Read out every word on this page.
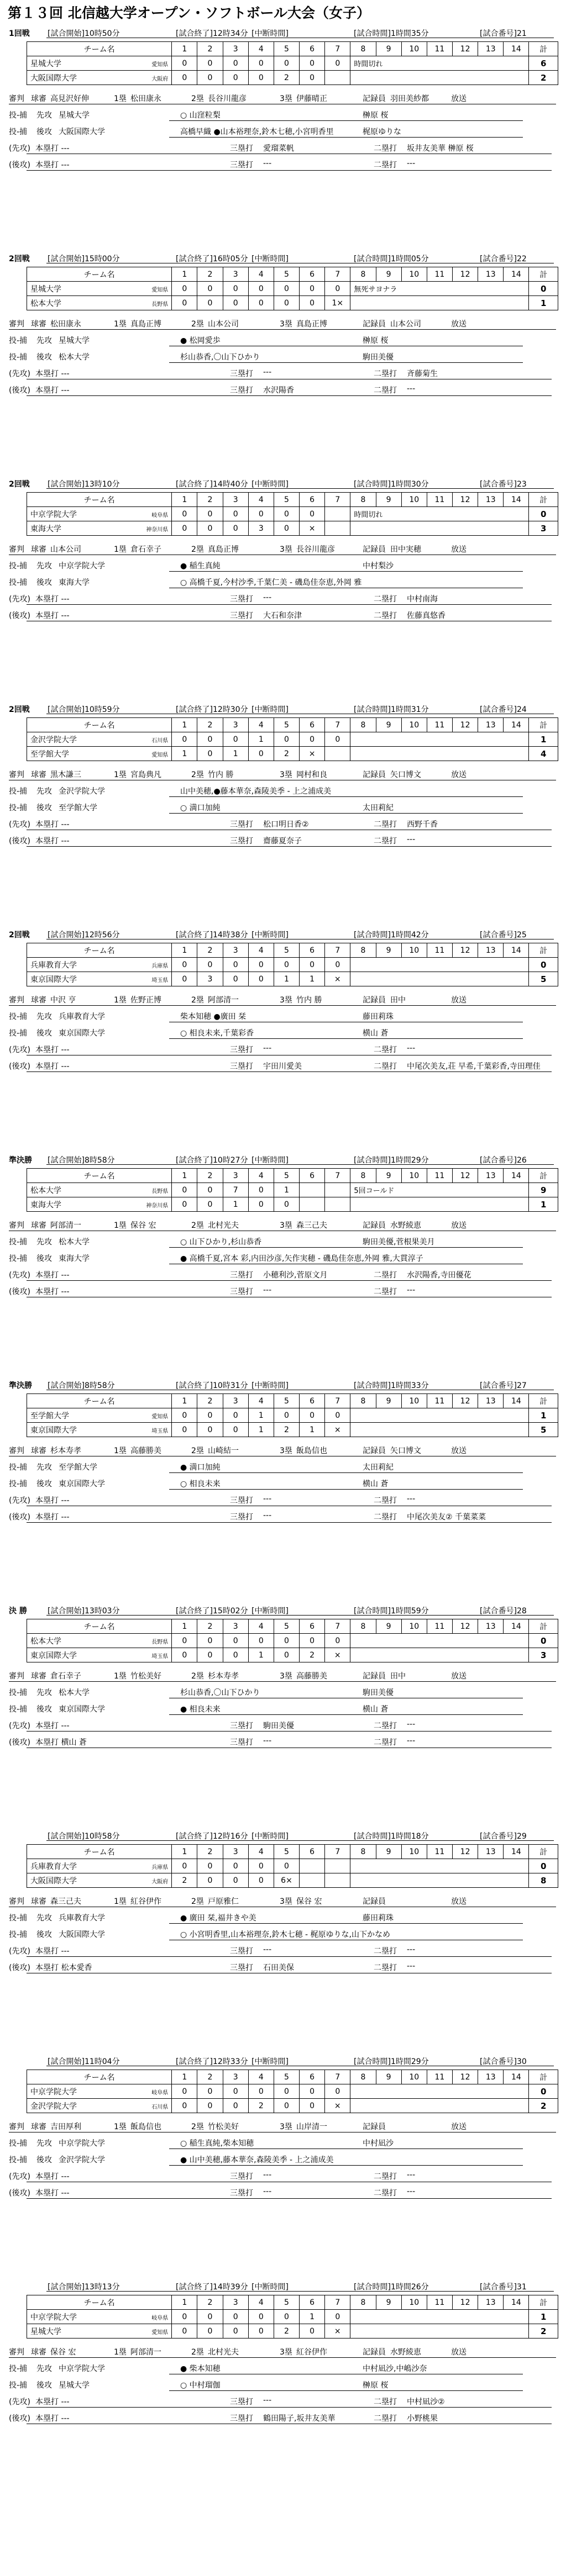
第１３回 北信越大学オープン・ソフトボール大会（女子）
1回戦 [試合開始]10時50分	[試合終了]12時34分 [中断時間]	[試合時間]1時間35分	[試合番号]21
チーム名	1	2	3	4	5	6	7	8	9	10	11	12	13	14	計
星城大学 愛知県	0	0	0	0	0	0	0	時間切れ							6
大阪国際大学 大阪府	0	0	0	0	2	0									2
審判 球審 高見沢好伸	1塁 松田康永	2塁 長谷川龍彦	3塁 伊藤晴正	記録員 羽田美紗都	放送
投-捕 先攻 星城大学	○ 山窪粒梨	榊原 桜
投-捕 後攻 大阪国際大学	高橋早織 ●山本裕理奈,鈴木七穂,小宮明香里	梶原ゆりな
(先攻) 本塁打 ---	三塁打 愛瑠菜帆	二塁打 坂井友美華 榊原 桜
(後攻) 本塁打 ---	三塁打 ---	二塁打 ---
2回戦 [試合開始]15時00分	[試合終了]16時05分 [中断時間]	[試合時間]1時間05分	[試合番号]22
チーム名	1	2	3	4	5	6	7	8	9	10	11	12	13	14	計
星城大学 愛知県	0	0	0	0	0	0	0	無死サヨナラ							0
松本大学 長野県	0	0	0	0	0	0	1×								1
審判 球審 松田康永	1塁 真島正博	2塁 山本公司	3塁 真島正博	記録員 山本公司	放送
投-捕 先攻 星城大学	● 松岡愛歩	榊原 桜
投-捕 後攻 松本大学	杉山恭香,〇山下ひかり	駒田美優
(先攻) 本塁打 ---	三塁打 ---	二塁打 斉藤菊生
(後攻) 本塁打 ---	三塁打 水沢陽香	二塁打 ---
2回戦 [試合開始]13時10分	[試合終了]14時40分 [中断時間]	[試合時間]1時間30分	[試合番号]23
チーム名	1	2	3	4	5	6	7	8	9	10	11	12	13	14	計
中京学院大学 岐阜県	0	0	0	0	0	0		時間切れ							0
東海大学 神奈川県	0	0	0	3	0	×									3
審判 球審 山本公司	1塁 倉石幸子	2塁 真島正博	3塁 長谷川龍彦	記録員 田中実穂	放送
投-捕 先攻 中京学院大学	● 稲生真純	中村梨沙
投-捕 後攻 東海大学	○ 高橋千夏,今村沙季,千葉仁美 - 磯島佳奈恵,外岡 雅
(先攻) 本塁打 ---	三塁打 ---	二塁打 中村南海
(後攻) 本塁打 ---	三塁打 大石和奈津	二塁打 佐藤真悠香
2回戦 [試合開始]10時59分	[試合終了]12時30分 [中断時間]	[試合時間]1時間31分	[試合番号]24
チーム名	1	2	3	4	5	6	7	8	9	10	11	12	13	14	計
金沢学院大学 石川県	0	0	0	1	0	0	0								1
至学館大学 愛知県	1	0	1	0	2	×									4
審判 球審 黒木謙三	1塁 宮島典凡	2塁 竹内 勝	3塁 岡村和良	記録員 矢口博文	放送
投-捕 先攻 金沢学院大学	山中美穂,●藤本華奈,森陵美季 - 上之浦成美
投-捕 後攻 至学館大学	○ 満口加純	太田莉紀
(先攻) 本塁打 ---	三塁打 松口明日香②	二塁打 西野千香
(後攻) 本塁打 ---	三塁打 齋藤夏奈子	二塁打 ---
2回戦 [試合開始]12時56分	[試合終了]14時38分 [中断時間]	[試合時間]1時間42分	[試合番号]25
チーム名	1	2	3	4	5	6	7	8	9	10	11	12	13	14	計
兵庫教育大学 兵庫県	0	0	0	0	0	0	0								0
東京国際大学 埼玉県	0	3	0	0	1	1	×								5
審判 球審 中沢 亨	1塁 佐野正博	2塁 阿部清一	3塁 竹内 勝	記録員 田中	放送
投-捕 先攻 兵庫教育大学	柴本知穂 ●廣田 栞	藤田莉珠
投-捕 後攻 東京国際大学	○ 相良未来,千葉彩香	横山 蒼
(先攻) 本塁打 ---	三塁打 ---	二塁打 ---
(後攻) 本塁打 ---	三塁打 宇田川愛美	二塁打 中尾次美友,荘 早希,千葉彩香,寺田理佳
準決勝 [試合開始]8時58分	[試合終了]10時27分 [中断時間]	[試合時間]1時間29分	[試合番号]26
チーム名	1	2	3	4	5	6	7	8	9	10	11	12	13	14	計
松本大学 長野県	0	0	7	0	1			5回コールド							9
東海大学 神奈川県	0	0	1	0	0										1
審判 球審 阿部清一	1塁 保谷 宏	2塁 北村光夫	3塁 森三己夫	記録員 水野綾恵	放送
投-捕 先攻 松本大学	○ 山下ひかり,杉山恭香	駒田美優,菅根果美月
投-捕 後攻 東海大学	● 高橋千夏,宮本 彩,内田沙彦,矢作実穂 - 磯島佳奈恵,外岡 雅,大貫淳子
(先攻) 本塁打 ---	三塁打 小穂利沙,菅原文月	二塁打 水沢陽香,寺田優花
(後攻) 本塁打 ---	三塁打 ---	二塁打 ---
準決勝 [試合開始]8時58分	[試合終了]10時31分 [中断時間]	[試合時間]1時間33分	[試合番号]27
チーム名	1	2	3	4	5	6	7	8	9	10	11	12	13	14	計
至学館大学 愛知県	0	0	0	1	0	0	0								1
東京国際大学 埼玉県	0	0	0	1	2	1	×								5
審判 球審 杉本寿孝	1塁 高藤勝美	2塁 山崎結一	3塁 飯島信也	記録員 矢口博文	放送
投-捕 先攻 至学館大学	● 満口加純	太田莉紀
投-捕 後攻 東京国際大学	○ 相良未来	横山 蒼
(先攻) 本塁打 ---	三塁打 ---	二塁打 ---
(後攻) 本塁打 ---	三塁打 ---	二塁打 中尾次美友② 千葉菜菜
決 勝	[試合開始]13時03分	[試合終了]15時02分 [中断時間]	[試合時間]1時間59分	[試合番号]28
チーム名	1	2	3	4	5	6	7	8	9	10	11	12	13	14	計
松本大学 長野県	0	0	0	0	0	0	0								0
東京国際大学 埼玉県	0	0	0	1	0	2	×								3
審判 球審 倉石幸子	1塁 竹松美好	2塁 杉本寿孝	3塁 高藤勝美	記録員 田中	放送
投-捕 先攻 松本大学	杉山恭香,〇山下ひかり	駒田美優
投-捕 後攻 東京国際大学	● 相良未来	横山 蒼
(先攻) 本塁打 ---	三塁打 駒田美優	二塁打 ---
(後攻) 本塁打 横山 蒼	三塁打 ---	二塁打 ---
[試合開始]10時58分	[試合終了]12時16分 [中断時間]	[試合時間]1時間18分	[試合番号]29
チーム名	1	2	3	4	5	6	7	8	9	10	11	12	13	14	計
兵庫教育大学 兵庫県	0	0	0	0	0										0
大阪国際大学 大阪府	2	0	0	0	6×										8
審判 球審 森三己夫	1塁 紅谷伊作	2塁 戸原雅仁	3塁 保谷 宏	記録員	放送
投-捕 先攻 兵庫教育大学	● 廣田 栞,福井きや美	藤田莉珠
投-捕 後攻 大阪国際大学	○ 小宮明香里,山本裕理奈,鈴木七穂 - 梶原ゆりな,山下かなめ
(先攻) 本塁打 ---	三塁打 ---	二塁打 ---
(後攻) 本塁打 松本愛香	三塁打 石田美保	二塁打 ---
[試合開始]11時04分	[試合終了]12時33分 [中断時間]	[試合時間]1時間29分	[試合番号]30
チーム名	1	2	3	4	5	6	7	8	9	10	11	12	13	14	計
中京学院大学 岐阜県	0	0	0	0	0	0	0								0
金沢学院大学 石川県	0	0	0	2	0	0	×								2
審判 球審 吉田厚利	1塁 飯島信也	2塁 竹松美好	3塁 山岸清一	記録員	放送
投-捕 先攻 中京学院大学	○ 稲生真純,柴本知穂	中村凪沙
投-捕 後攻 金沢学院大学	● 山中美穂,藤本華奈,森陵美季 - 上之浦成美
(先攻) 本塁打 ---	三塁打 ---	二塁打 ---
(後攻) 本塁打 ---	三塁打 ---	二塁打 ---
[試合開始]13時13分	[試合終了]14時39分 [中断時間]	[試合時間]1時間26分	[試合番号]31
チーム名	1	2	3	4	5	6	7	8	9	10	11	12	13	14	計
中京学院大学 岐阜県	0	0	0	0	0	1	0								1
星城大学 愛知県	0	0	0	0	2	0	×								2
審判 球審 保谷 宏	1塁 阿部清一	2塁 北村光夫	3塁 紅谷伊作	記録員 水野綾恵	放送
投-捕 先攻 中京学院大学	● 柴本知穂	中村凪沙,中嶋沙奈
投-捕 後攻 星城大学	○ 中村瑠伽	榊原 桜
(先攻) 本塁打 ---	三塁打 ---	二塁打 中村凪沙②
(後攻) 本塁打 ---	三塁打 鶴田陽子,坂井友美華	二塁打 小野桃果
